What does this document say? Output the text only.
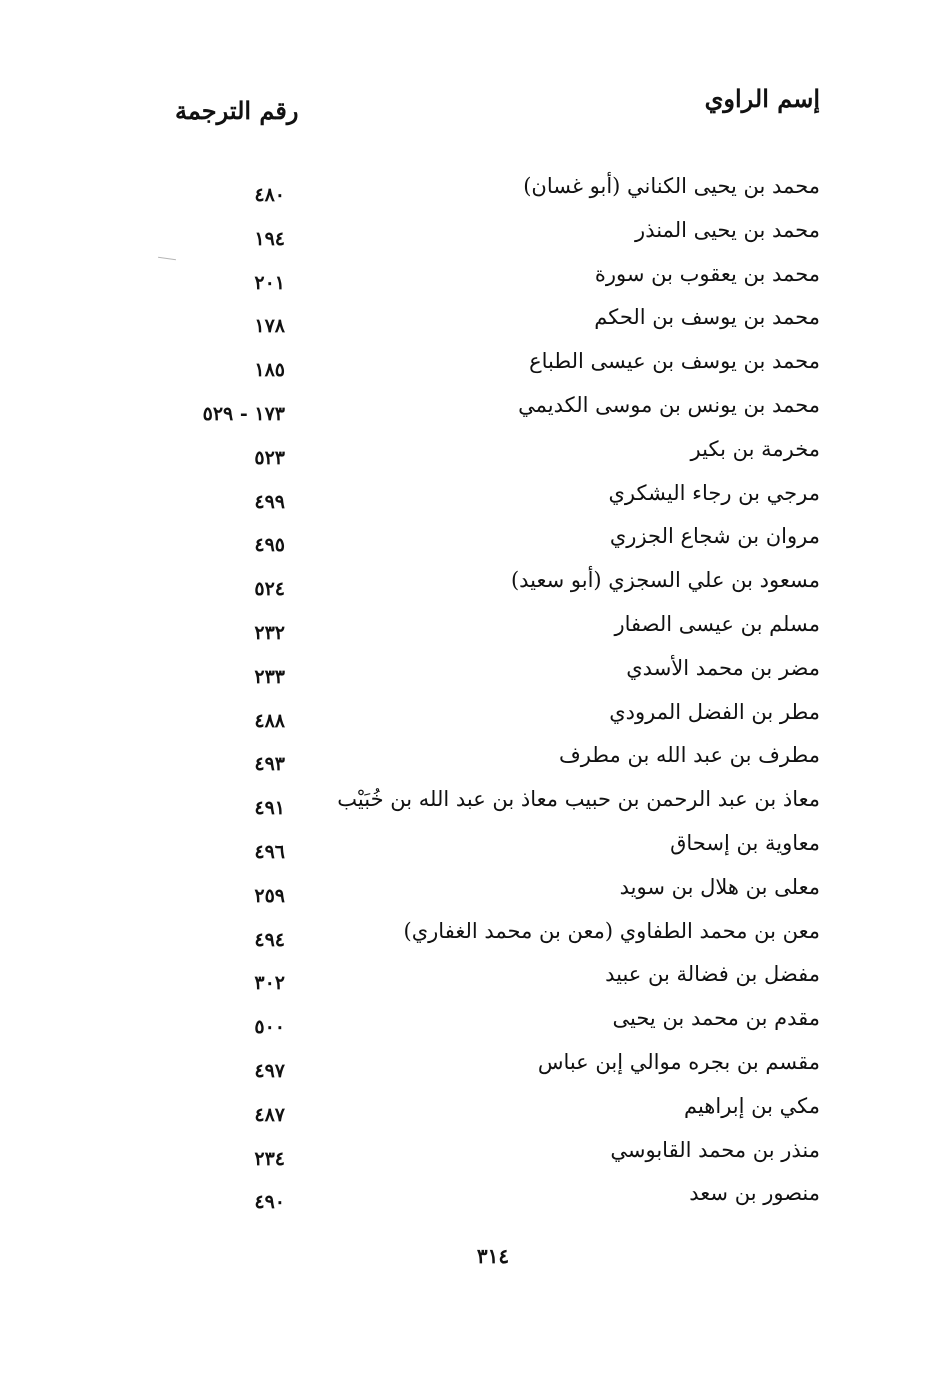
إسم الراوي
رقم الترجمة
محمد بن يحيى الكناني (أبو غسان)
٤٨٠
محمد بن يحيى المنذر
١٩٤
محمد بن يعقوب بن سورة
٢٠١
محمد بن يوسف بن الحكم
١٧٨
محمد بن يوسف بن عيسى الطباع
١٨٥
محمد بن يونس بن موسى الكديمي
١٧٣ - ٥٢٩
مخرمة بن بكير
٥٢٣
مرجي بن رجاء اليشكري
٤٩٩
مروان بن شجاع الجزري
٤٩٥
مسعود بن علي السجزي (أبو سعيد)
٥٢٤
مسلم بن عيسى الصفار
٢٣٢
مضر بن محمد الأسدي
٢٣٣
مطر بن الفضل المرودي
٤٨٨
مطرف بن عبد الله بن مطرف
٤٩٣
معاذ بن عبد الرحمن بن حبيب معاذ بن عبد الله بن خُبَيْب
٤٩١
معاوية بن إسحاق
٤٩٦
معلى بن هلال بن سويد
٢٥٩
معن بن محمد الطفاوي (معن بن محمد الغفاري)
٤٩٤
مفضل بن فضالة بن عبيد
٣٠٢
مقدم بن محمد بن يحيى
٥٠٠
مقسم بن بجره موالي إبن عباس
٤٩٧
مكي بن إبراهيم
٤٨٧
منذر بن محمد القابوسي
٢٣٤
منصور بن سعد
٤٩٠
٣١٤
